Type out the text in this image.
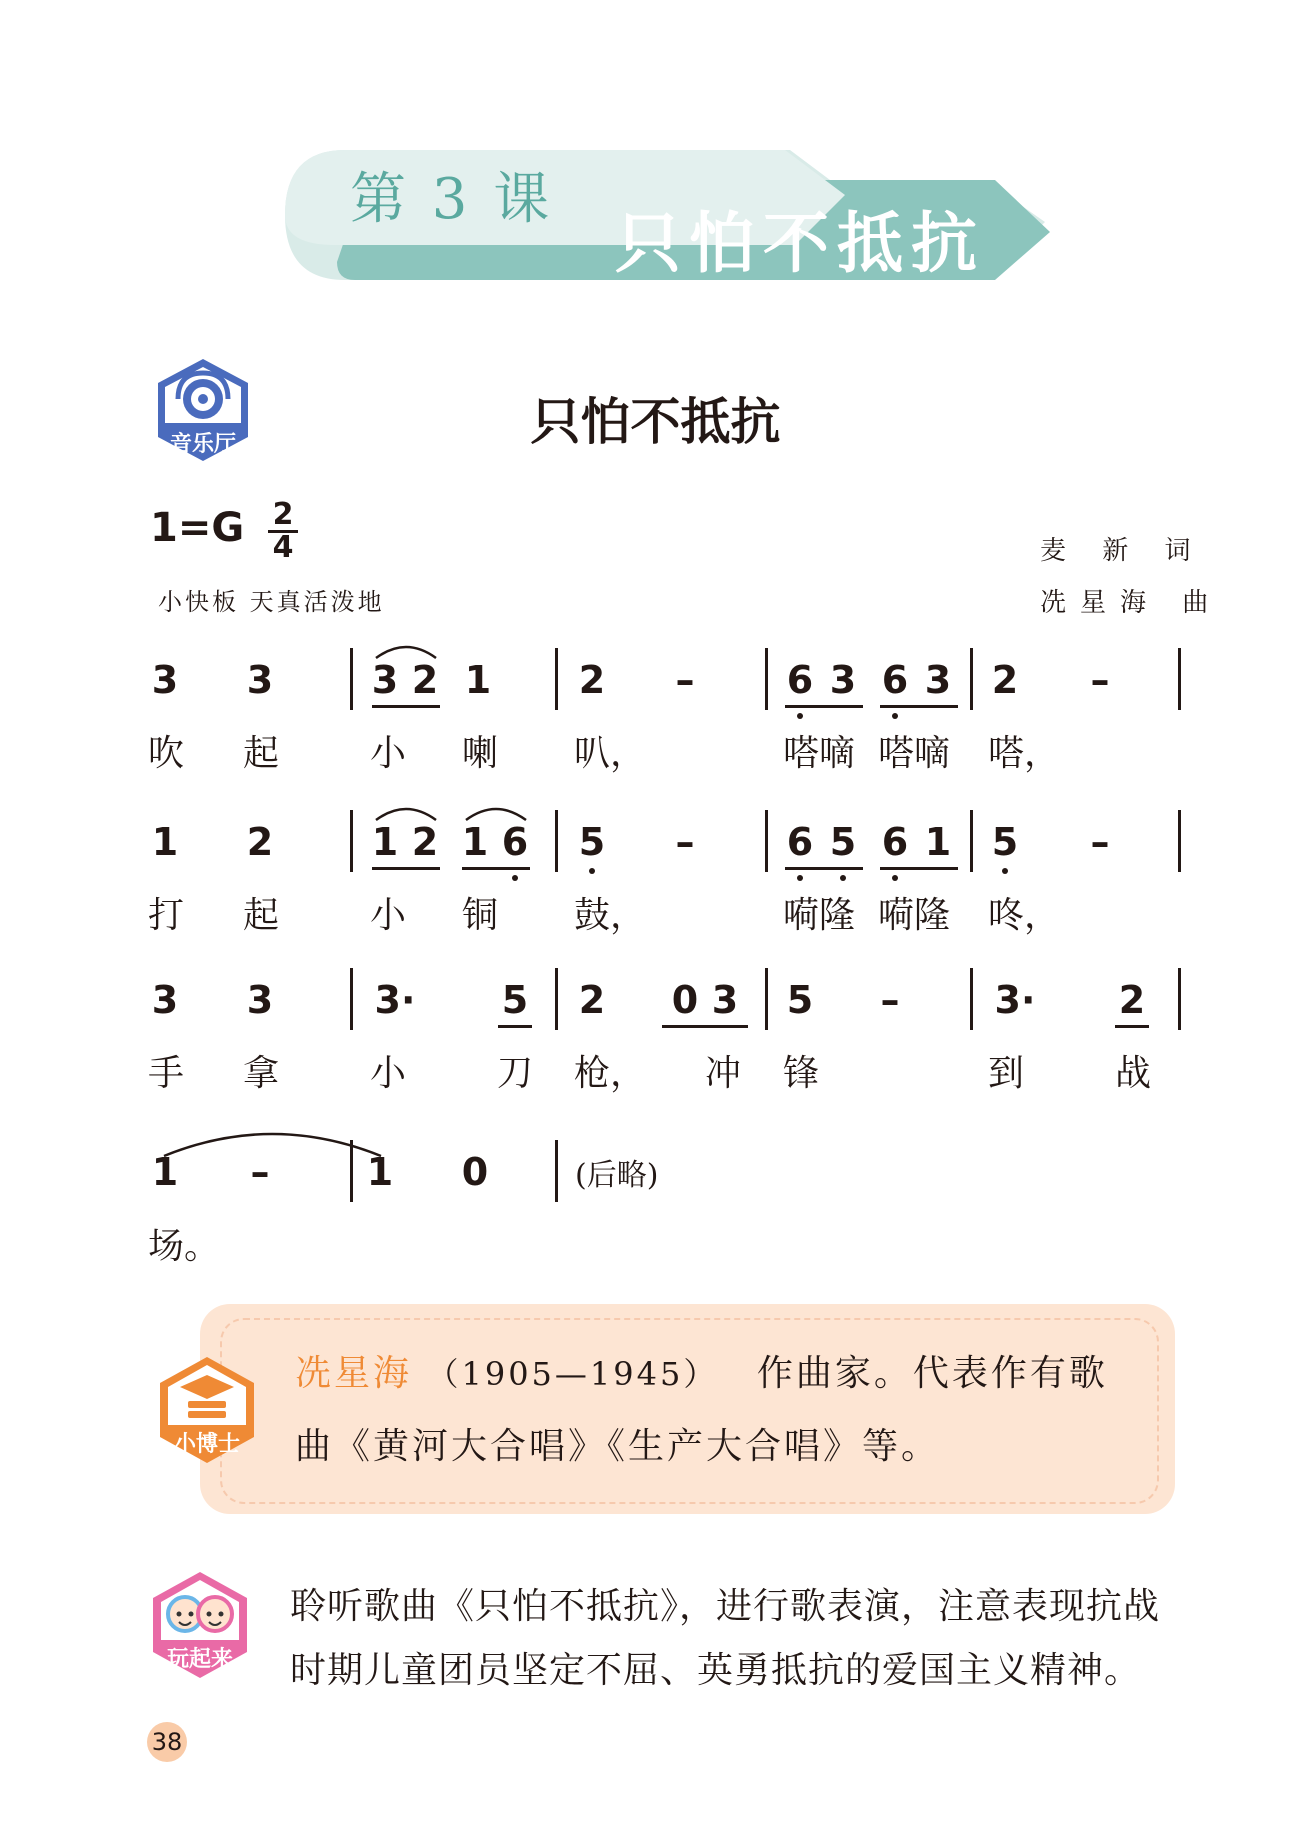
第 3 课
只怕不抵抗
音乐厅	只怕不抵抗
1=G 2
4
小快板 天真活泼地
麦 新 词
冼星海 曲
3 3	3 2 1 2 – 6 3 6 3 2 –
吹 起	小 喇 叭，	嗒嘀 嗒嘀 嗒，
1 2	1 2 1 6 5 – 6 5 6 1 5 –
打 起	小 铜 鼓，	嗬隆 嗬隆 咚，
3 3	3· 5 2 0 3 5 –	3· 2
手 拿	小	刀 枪， 冲 锋	到	战
1 –	1 0	(后略)
场。
小博士
冼星海 （1905—1945） 作曲家。代表作有歌
曲《黄河大合唱》《生产大合唱》等。
玩起来
聆听歌曲《只怕不抵抗》，进行歌表演，注意表现抗战
时期儿童团员坚定不屈、英勇抵抗的爱国主义精神。
38
